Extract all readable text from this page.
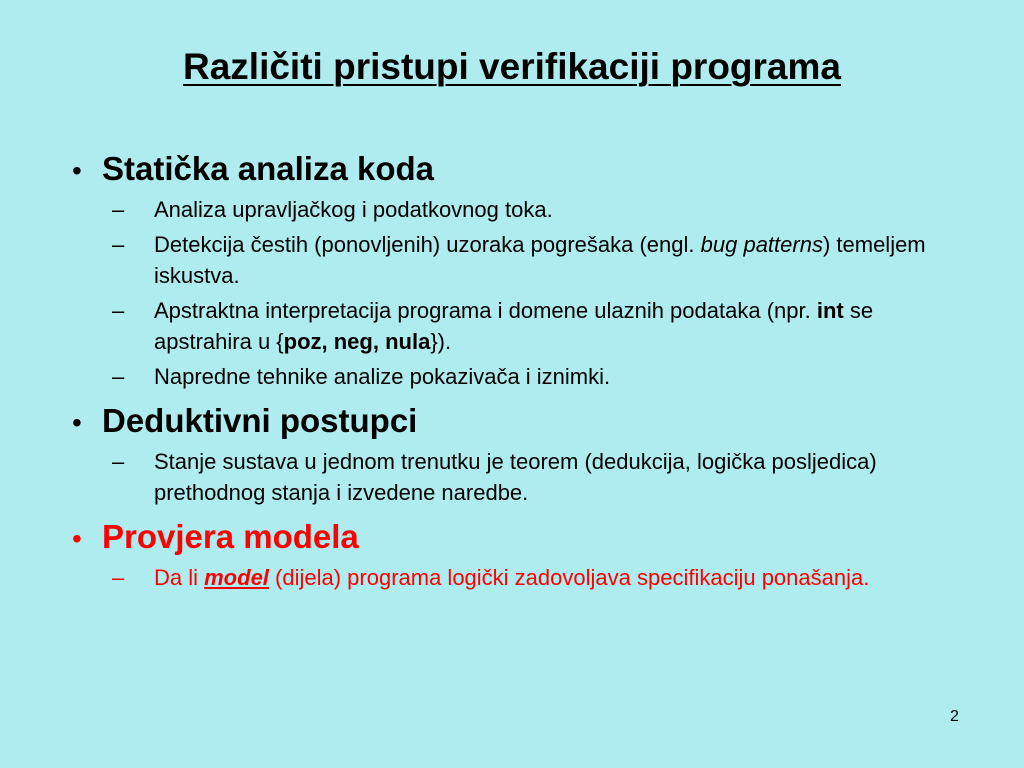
Različiti pristupi verifikaciji programa
• Statička analiza koda
–	Analiza upravljačkog i podatkovnog toka.
–	Detekcija čestih (ponovljenih) uzoraka pogrešaka (engl. bug patterns) temeljem iskustva.
–	Apstraktna interpretacija programa i domene ulaznih podataka (npr. int se apstrahira u {poz, neg, nula}).
–	Napredne tehnike analize pokazivača i iznimki.
• Deduktivni postupci
–	Stanje sustava u jednom trenutku je teorem (dedukcija, logička posljedica) prethodnog stanja i izvedene naredbe.
• Provjera modela
–	Da li model (dijela) programa logički zadovoljava specifikaciju ponašanja.
2
